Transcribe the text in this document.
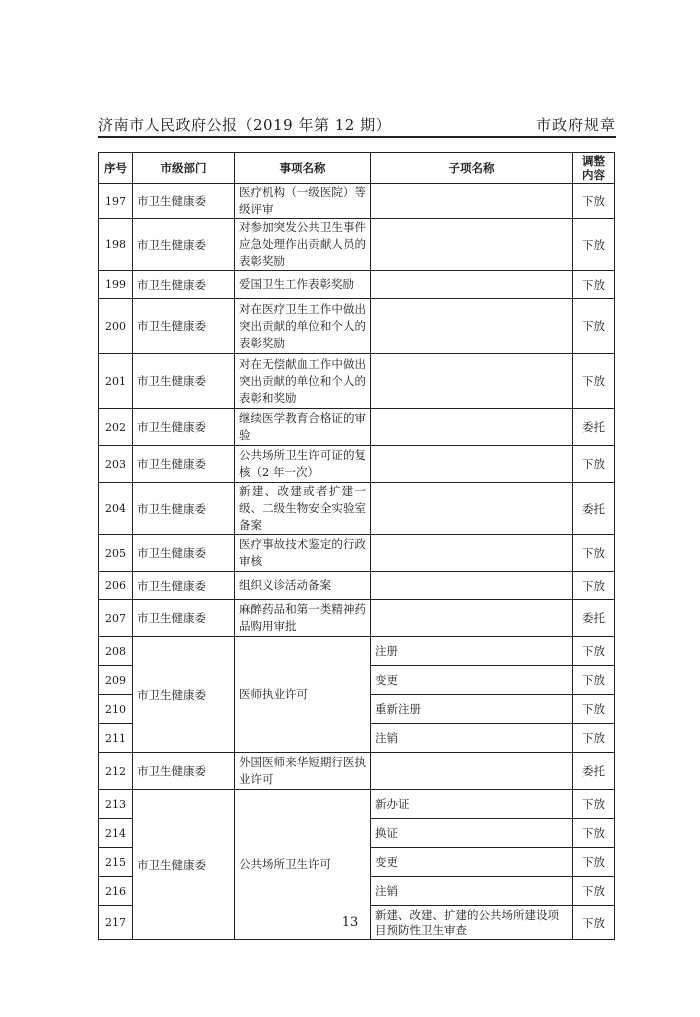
济南市人民政府公报（2019 年第 12 期）	市政府规章
序号	市级部门	事项名称	子项名称	调整内容
197	市卫生健康委	医疗机构（一级医院）等级评审		下放
198	市卫生健康委	对参加突发公共卫生事件应急处理作出贡献人员的表彰奖励		下放
199	市卫生健康委	爱国卫生工作表彰奖励		下放
200	市卫生健康委	对在医疗卫生工作中做出突出贡献的单位和个人的表彰奖励		下放
201	市卫生健康委	对在无偿献血工作中做出突出贡献的单位和个人的表彰和奖励		下放
202	市卫生健康委	继续医学教育合格证的审验		委托
203	市卫生健康委	公共场所卫生许可证的复核（2 年一次）		下放
204	市卫生健康委	新建、改建或者扩建一级、二级生物安全实验室备案		委托
205	市卫生健康委	医疗事故技术鉴定的行政审核		下放
206	市卫生健康委	组织义诊活动备案		下放
207	市卫生健康委	麻醉药品和第一类精神药品购用审批		委托
208	市卫生健康委	医师执业许可	注册	下放
209			变更	下放
210			重新注册	下放
211			注销	下放
212	市卫生健康委	外国医师来华短期行医执业许可		委托
213	市卫生健康委	公共场所卫生许可	新办证	下放
214			换证	下放
215			变更	下放
216			注销	下放
217			新建、改建、扩建的公共场所建设项目预防性卫生审查	下放
13
